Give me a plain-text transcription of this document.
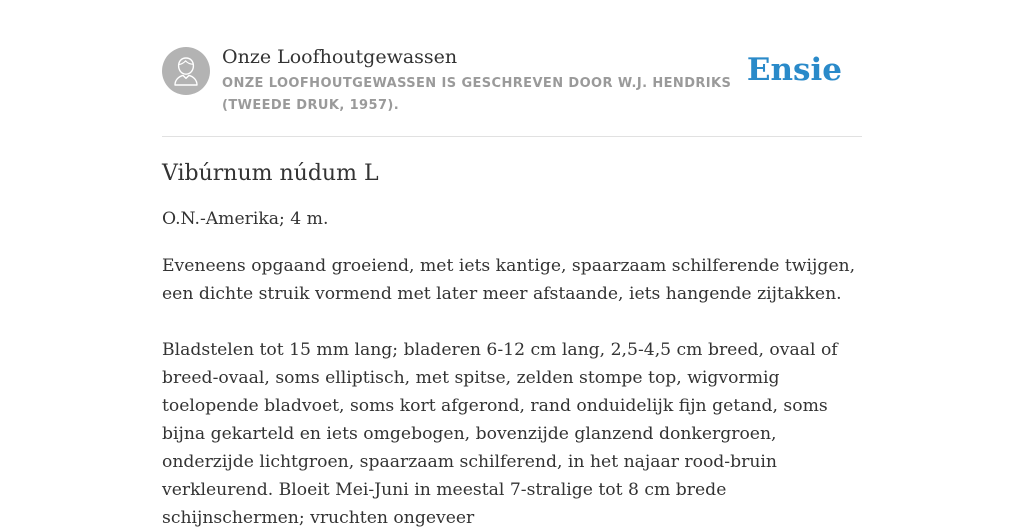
Onze Loofhoutgewassen

ONZE LOOFHOUTGEWASSEN IS GESCHREVEN DOOR W.J. HENDRIKS (TWEEDE DRUK, 1957).

Ensie
Vibúrnum núdum L

O.N.-Amerika; 4 m.

Eveneens opgaand groeiend, met iets kantige, spaarzaam schilferende twijgen, een dichte struik vormend met later meer afstaande, iets hangende zijtakken.

Bladstelen tot 15 mm lang; bladeren 6-12 cm lang, 2,5-4,5 cm breed, ovaal of breed-ovaal, soms elliptisch, met spitse, zelden stompe top, wigvormig toelopende bladvoet, soms kort afgerond, rand onduidelijk fijn getand, soms bijna gekarteld en iets omgebogen, bovenzijde glanzend donkergroen, onderzijde lichtgroen, spaarzaam schilferend, in het najaar rood-bruin verkleurend. Bloeit Mei-Juni in meestal 7-stralige tot 8 cm brede schijnschermen; vruchten ongeveer
